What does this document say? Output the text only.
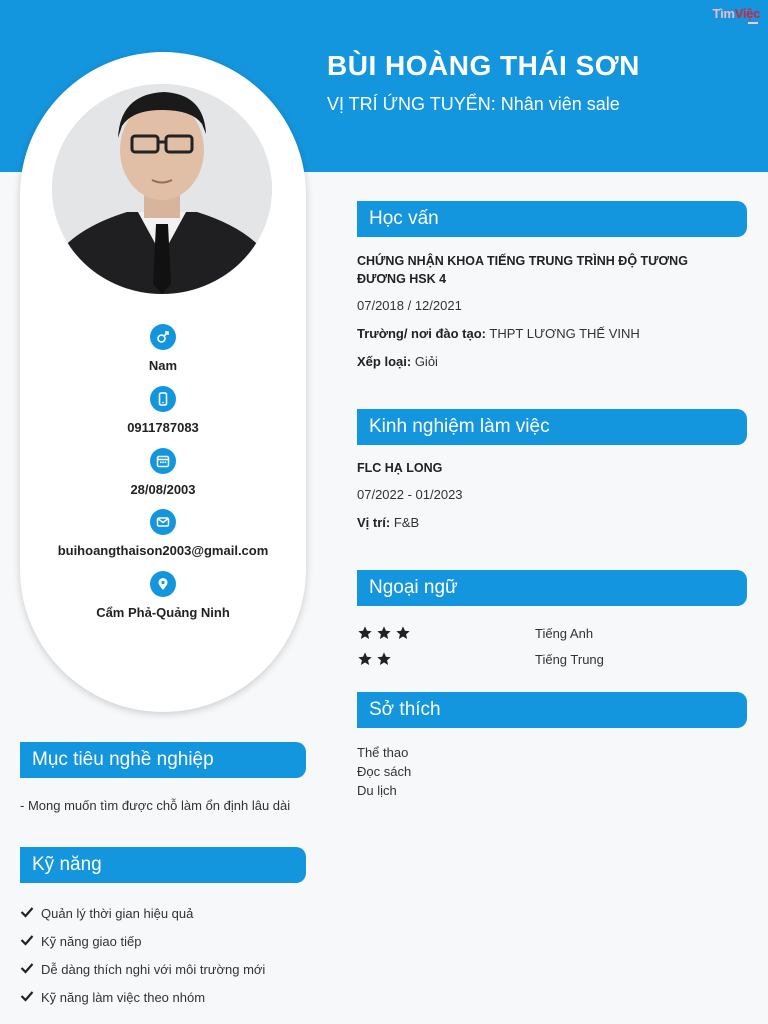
TìmViệc
BÙI HOÀNG THÁI SƠN
VỊ TRÍ ỨNG TUYỂN: Nhân viên sale
Nam
0911787083
28/08/2003
buihoangthaison2003@gmail.com
Cẩm Phả-Quảng Ninh
Mục tiêu nghề nghiệp
- Mong muốn tìm được chỗ làm ổn định lâu dài
Kỹ năng
Quản lý thời gian hiệu quả
Kỹ năng giao tiếp
Dễ dàng thích nghi với môi trường mới
Kỹ năng làm việc theo nhóm
Học vấn
CHỨNG NHẬN KHOA TIẾNG TRUNG TRÌNH ĐỘ TƯƠNG ĐƯƠNG HSK 4
07/2018 / 12/2021
Trường/ nơi đào tạo: THPT LƯƠNG THẾ VINH
Xếp loại: Giỏi
Kinh nghiệm làm việc
FLC HẠ LONG
07/2022 - 01/2023
Vị trí: F&B
Ngoại ngữ
Tiếng Anh
Tiếng Trung
Sở thích
Thể thao
Đọc sách
Du lịch
